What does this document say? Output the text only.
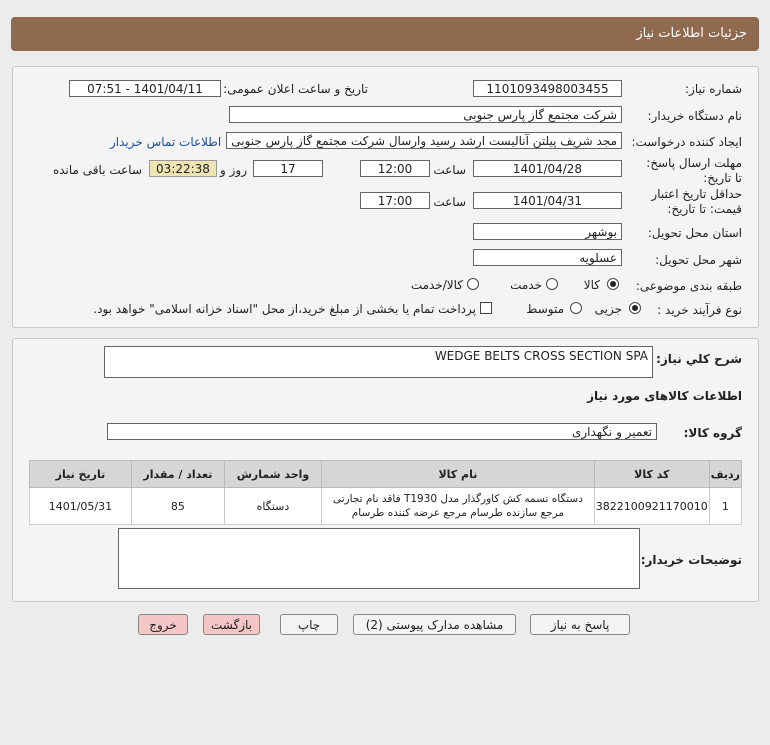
جزئیات اطلاعات نیاز
شماره نیاز:
1101093498003455
تاریخ و ساعت اعلان عمومی:
1401/04/11 - 07:51
نام دستگاه خریدار:
شرکت مجتمع گاز پارس جنوبی
ایجاد کننده درخواست:
مجد شریف پیلتن آنالیست ارشد رسید وارسال شرکت مجتمع گاز پارس جنوبی
اطلاعات تماس خریدار
مهلت ارسال پاسخ: تا تاریخ:
1401/04/28
ساعت
12:00
17
روز و
03:22:38
ساعت باقی مانده
حداقل تاریخ اعتبار قیمت: تا تاریخ:
1401/04/31
ساعت
17:00
استان محل تحویل:
بوشهر
شهر محل تحویل:
عسلویه
طبقه بندی موضوعی:
کالا
خدمت
کالا/خدمت
نوع فرآیند خرید :
جزیی
متوسط
پرداخت تمام یا بخشی از مبلغ خرید،از محل "اسناد خزانه اسلامی" خواهد بود.
شرح کلي نياز:
WEDGE BELTS CROSS SECTION SPA
اطلاعات کالاهای مورد نیاز
گروه کالا:
تعمیر و نگهداری
ردیف	کد کالا	نام کالا	واحد شمارش	تعداد / مقدار	تاریخ نیاز
1	3822100921170010	دستگاه تسمه کش کاورگذار مدل T1930 فاقد نام تجارتی مرجع سازنده طرسام مرجع عرضه کننده طرسام	دستگاه	85	1401/05/31
توضیحات خریدار:
پاسخ به نیاز
مشاهده مدارک پیوستی (2)
چاپ
بازگشت
خروج
